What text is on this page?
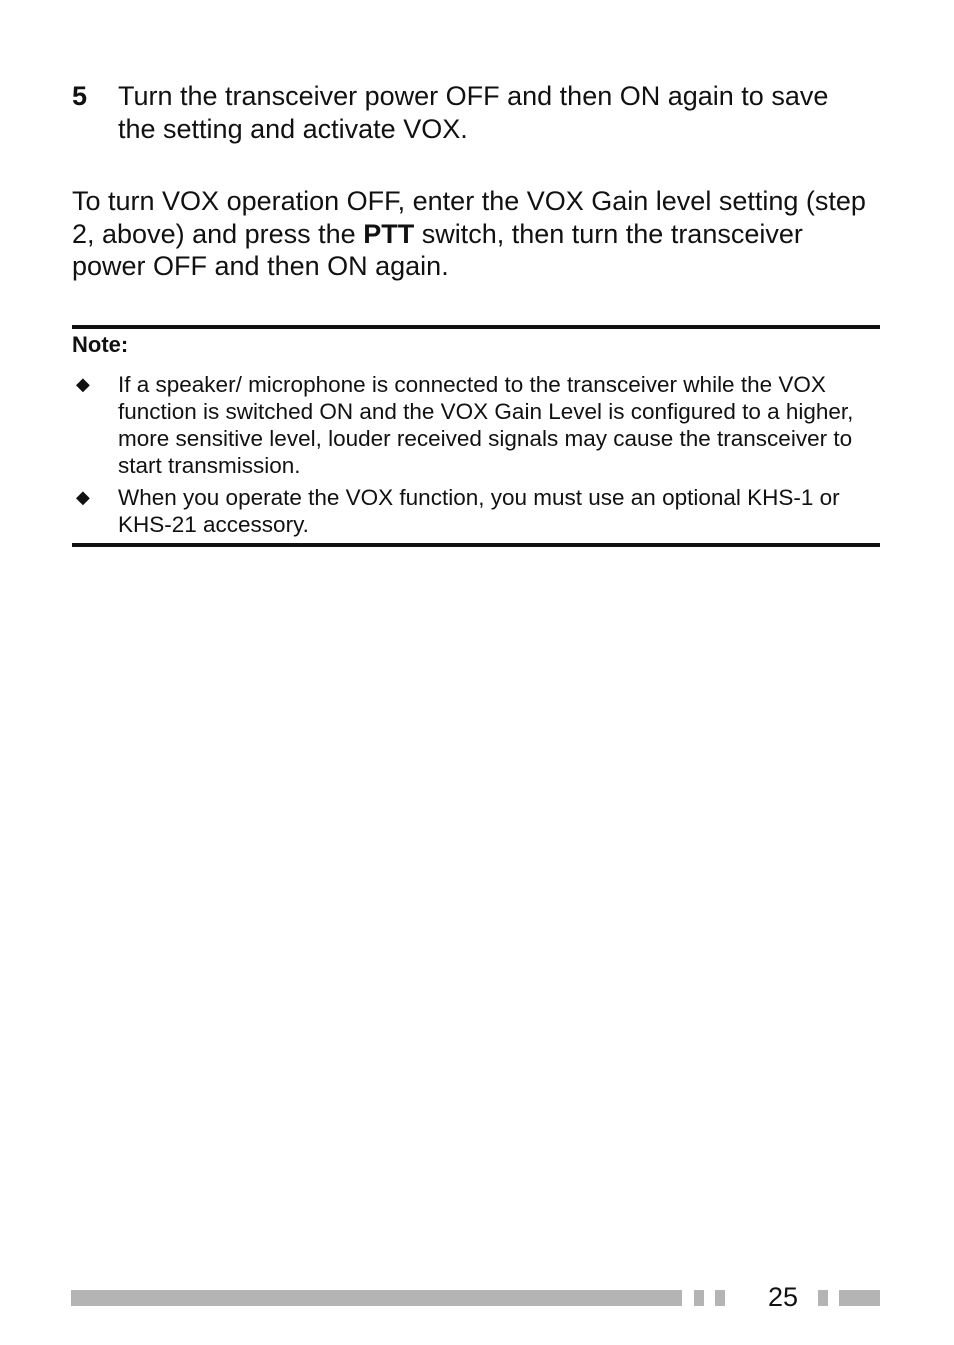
5 Turn the transceiver power OFF and then ON again to save the setting and activate VOX.
To turn VOX operation OFF, enter the VOX Gain level setting (step 2, above) and press the PTT switch, then turn the transceiver power OFF and then ON again.
Note:
◆ If a speaker/ microphone is connected to the transceiver while the VOX function is switched ON and the VOX Gain Level is configured to a higher, more sensitive level, louder received signals may cause the transceiver to start transmission.
◆ When you operate the VOX function, you must use an optional KHS-1 or KHS-21 accessory.
25
